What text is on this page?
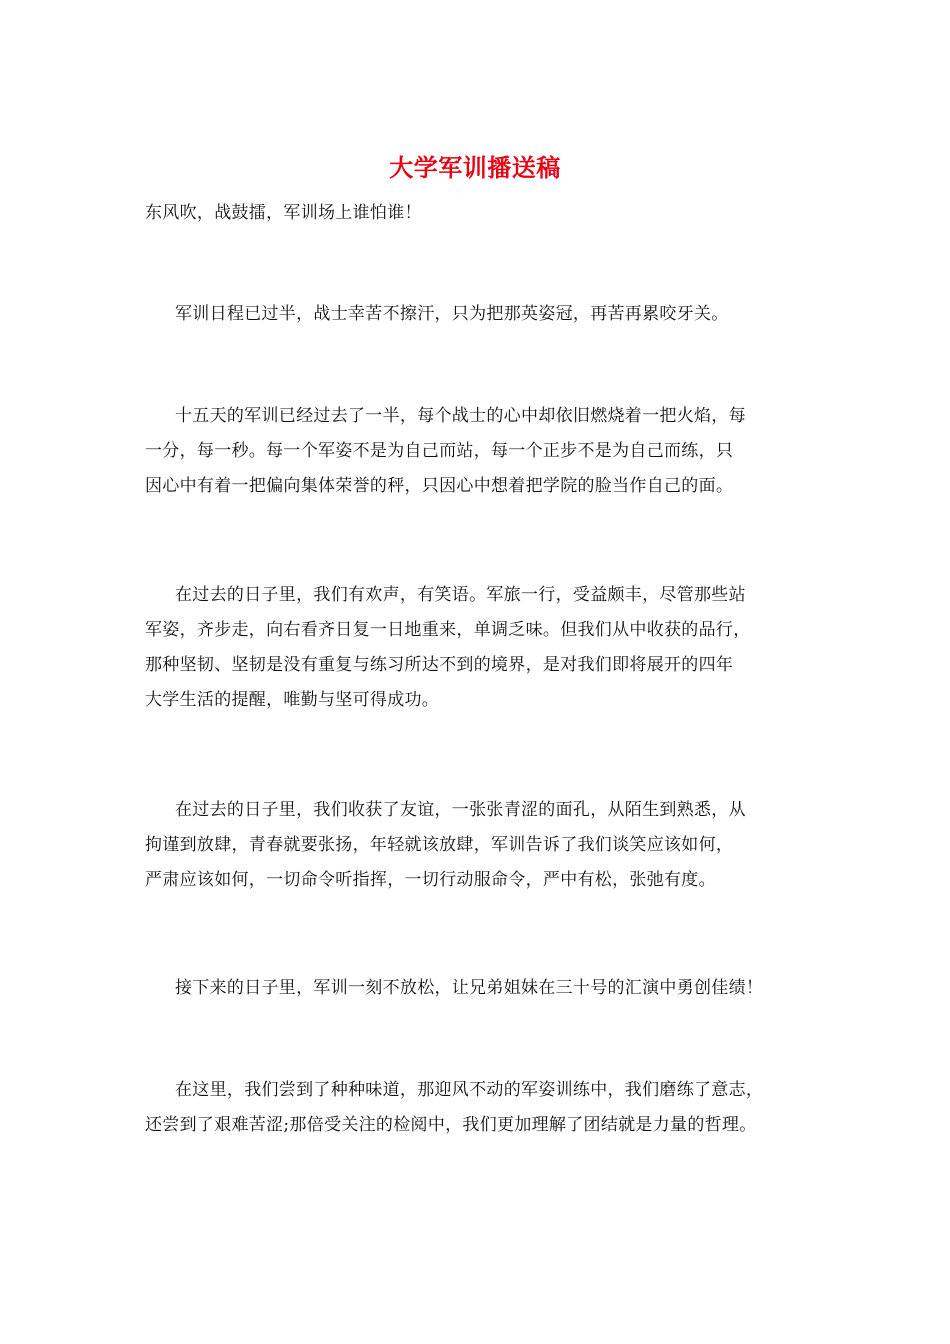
大学军训播送稿
东风吹，战鼓擂，军训场上谁怕谁！
军训日程已过半，战士幸苦不擦汗，只为把那英姿冠，再苦再累咬牙关。
十五天的军训已经过去了一半，每个战士的心中却依旧燃烧着一把火焰，每
一分，每一秒。每一个军姿不是为自己而站，每一个正步不是为自己而练，只
因心中有着一把偏向集体荣誉的秤，只因心中想着把学院的脸当作自己的面。
在过去的日子里，我们有欢声，有笑语。军旅一行，受益颇丰，尽管那些站
军姿，齐步走，向右看齐日复一日地重来，单调乏味。但我们从中收获的品行，
那种坚韧、坚韧是没有重复与练习所达不到的境界，是对我们即将展开的四年
大学生活的提醒，唯勤与坚可得成功。
在过去的日子里，我们收获了友谊，一张张青涩的面孔，从陌生到熟悉，从
拘谨到放肆，青春就要张扬，年轻就该放肆，军训告诉了我们谈笑应该如何，
严肃应该如何，一切命令听指挥，一切行动服命令，严中有松，张弛有度。
接下来的日子里，军训一刻不放松，让兄弟姐妹在三十号的汇演中勇创佳绩！
在这里，我们尝到了种种味道，那迎风不动的军姿训练中，我们磨练了意志，
还尝到了艰难苦涩;那倍受关注的检阅中，我们更加理解了团结就是力量的哲理。
